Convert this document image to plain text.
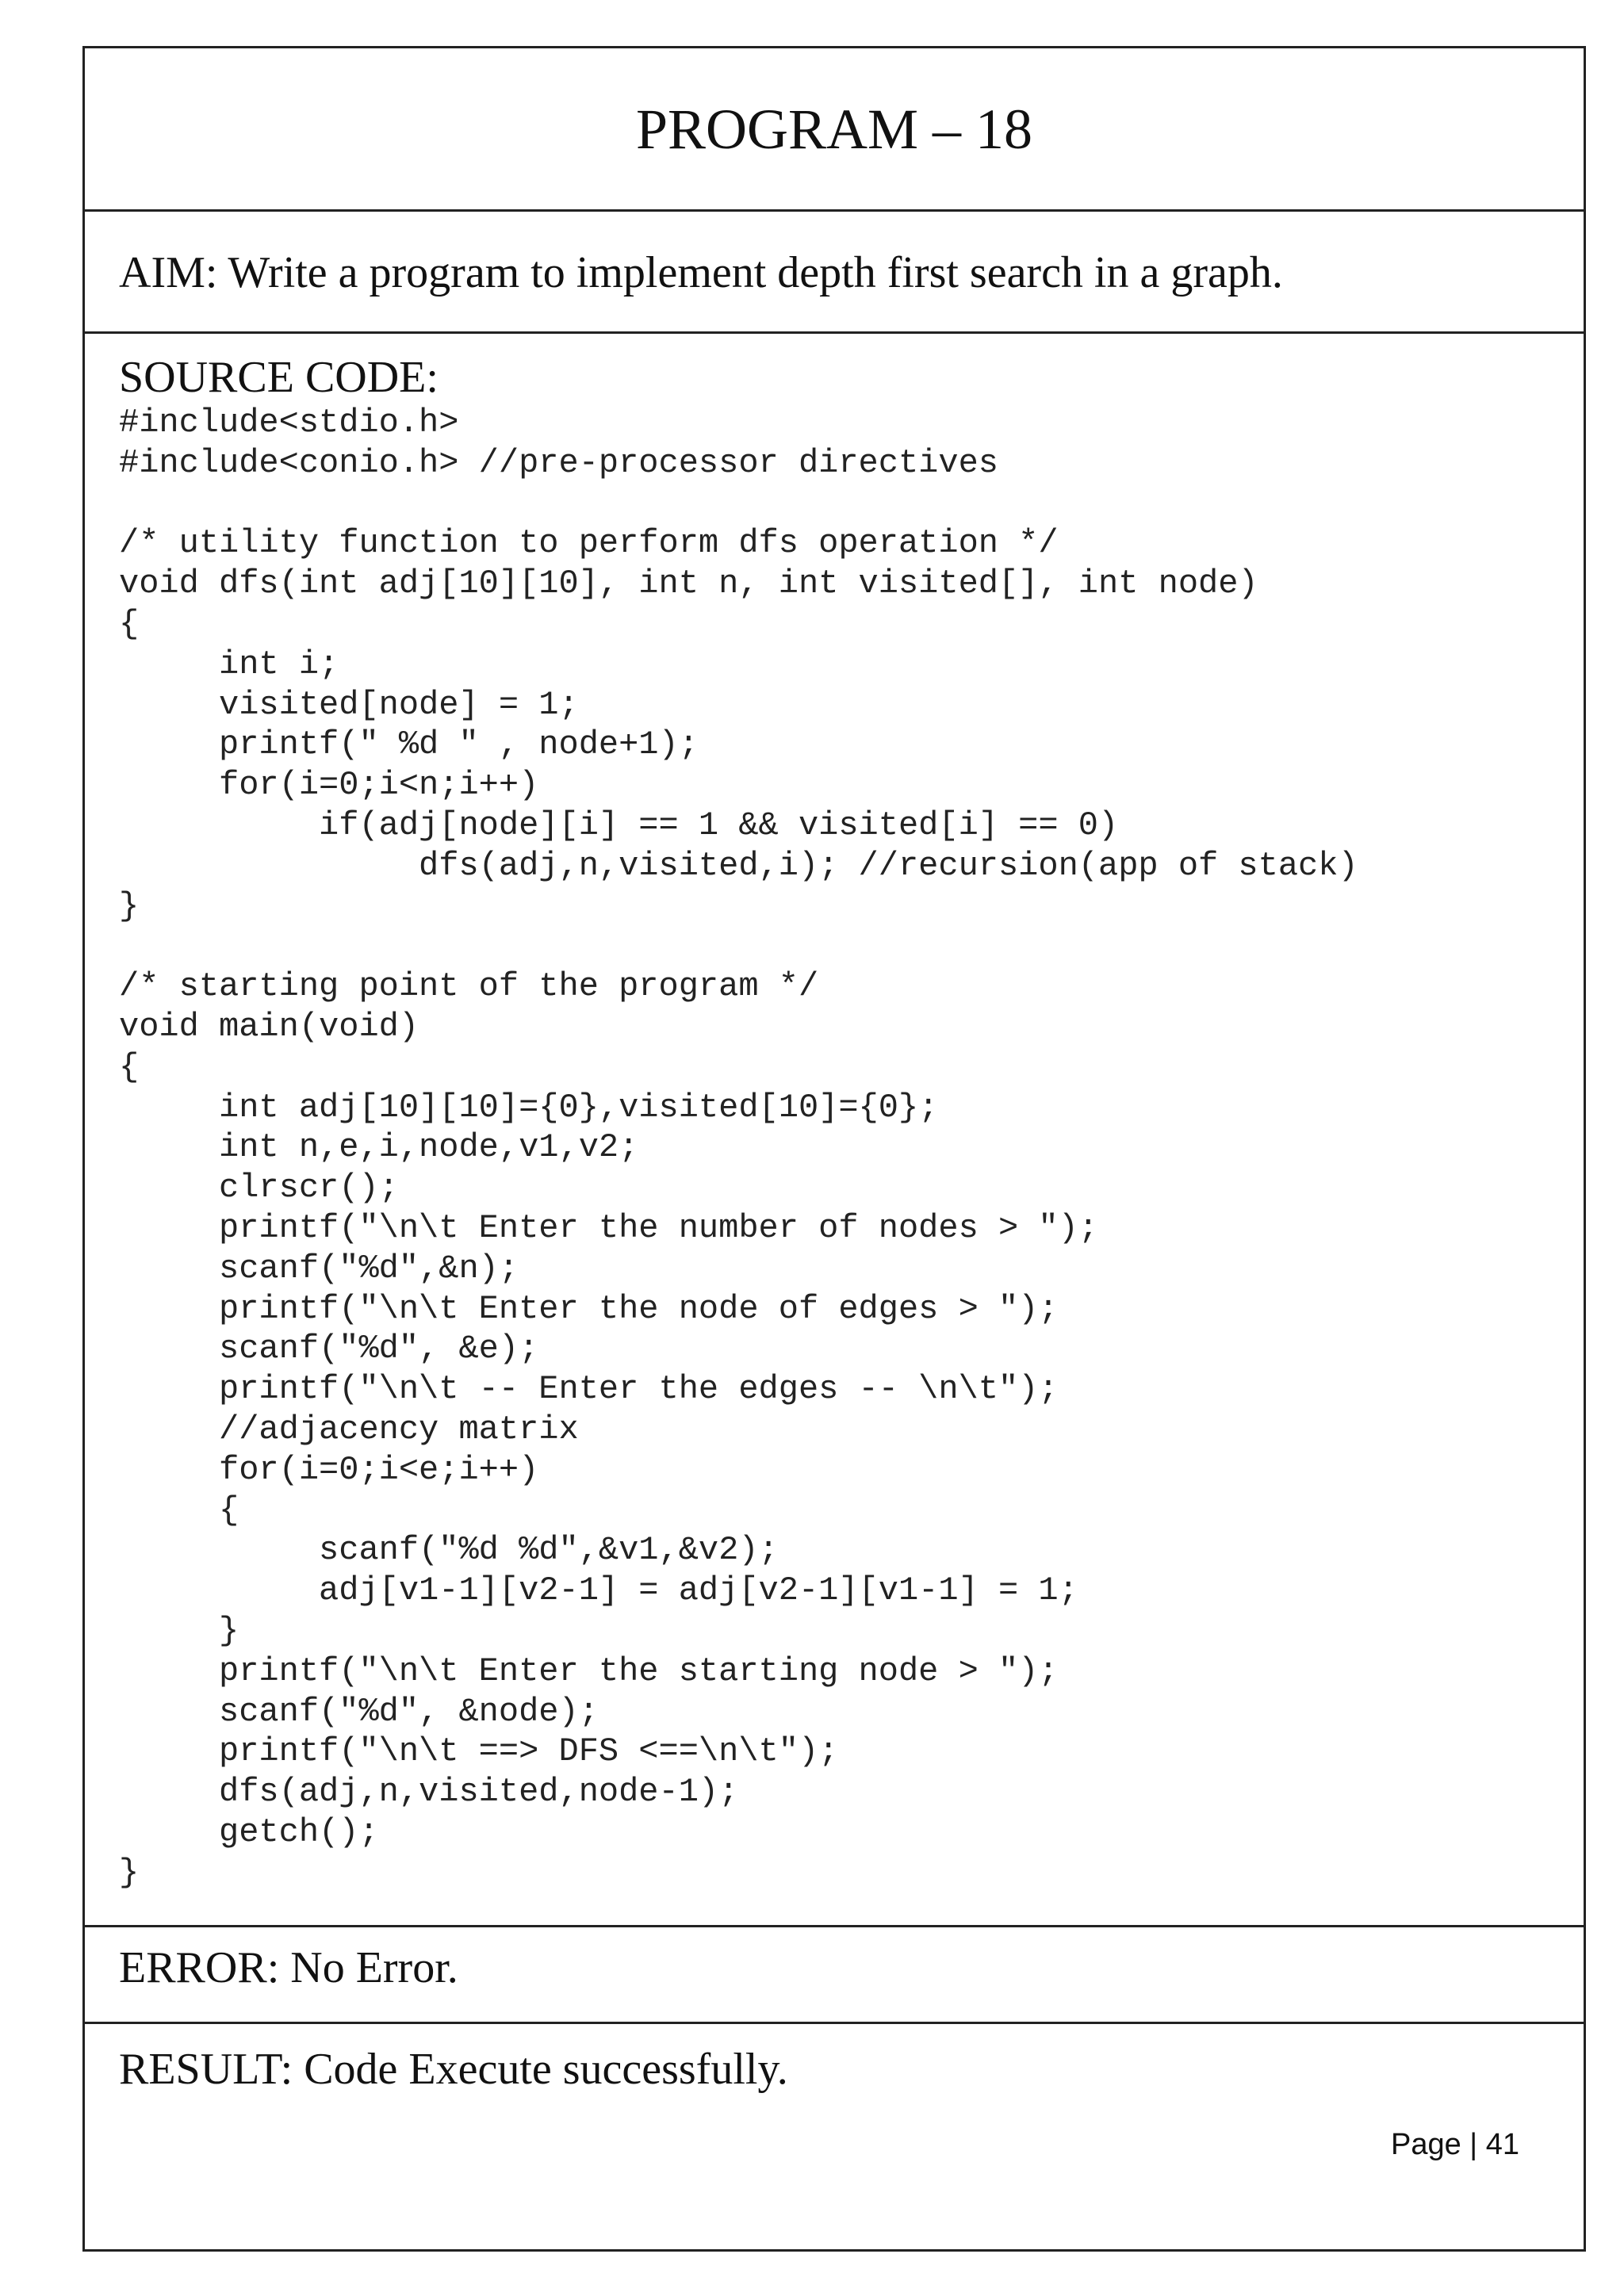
PROGRAM – 18
AIM: Write a program to implement depth first search in a graph.
SOURCE CODE:
#include<stdio.h>
#include<conio.h> //pre-processor directives
/* utility function to perform dfs operation */
void dfs(int adj[10][10], int n, int visited[], int node)
{
int i;
visited[node] = 1;
printf(" %d " , node+1);
for(i=0;i<n;i++)
if(adj[node][i] == 1 && visited[i] == 0)
dfs(adj,n,visited,i); //recursion(app of stack)
}
/* starting point of the program */
void main(void)
{
int adj[10][10]={0},visited[10]={0};
int n,e,i,node,v1,v2;
clrscr();
printf("\n\t Enter the number of nodes > ");
scanf("%d",&n);
printf("\n\t Enter the node of edges > ");
scanf("%d", &e);
printf("\n\t -- Enter the edges -- \n\t");
//adjacency matrix
for(i=0;i<e;i++)
{
scanf("%d %d",&v1,&v2);
adj[v1-1][v2-1] = adj[v2-1][v1-1] = 1;
}
printf("\n\t Enter the starting node > ");
scanf("%d", &node);
printf("\n\t ==> DFS <==\n\t");
dfs(adj,n,visited,node-1);
getch();
}
ERROR: No Error.
RESULT: Code Execute successfully.
Page | 41
